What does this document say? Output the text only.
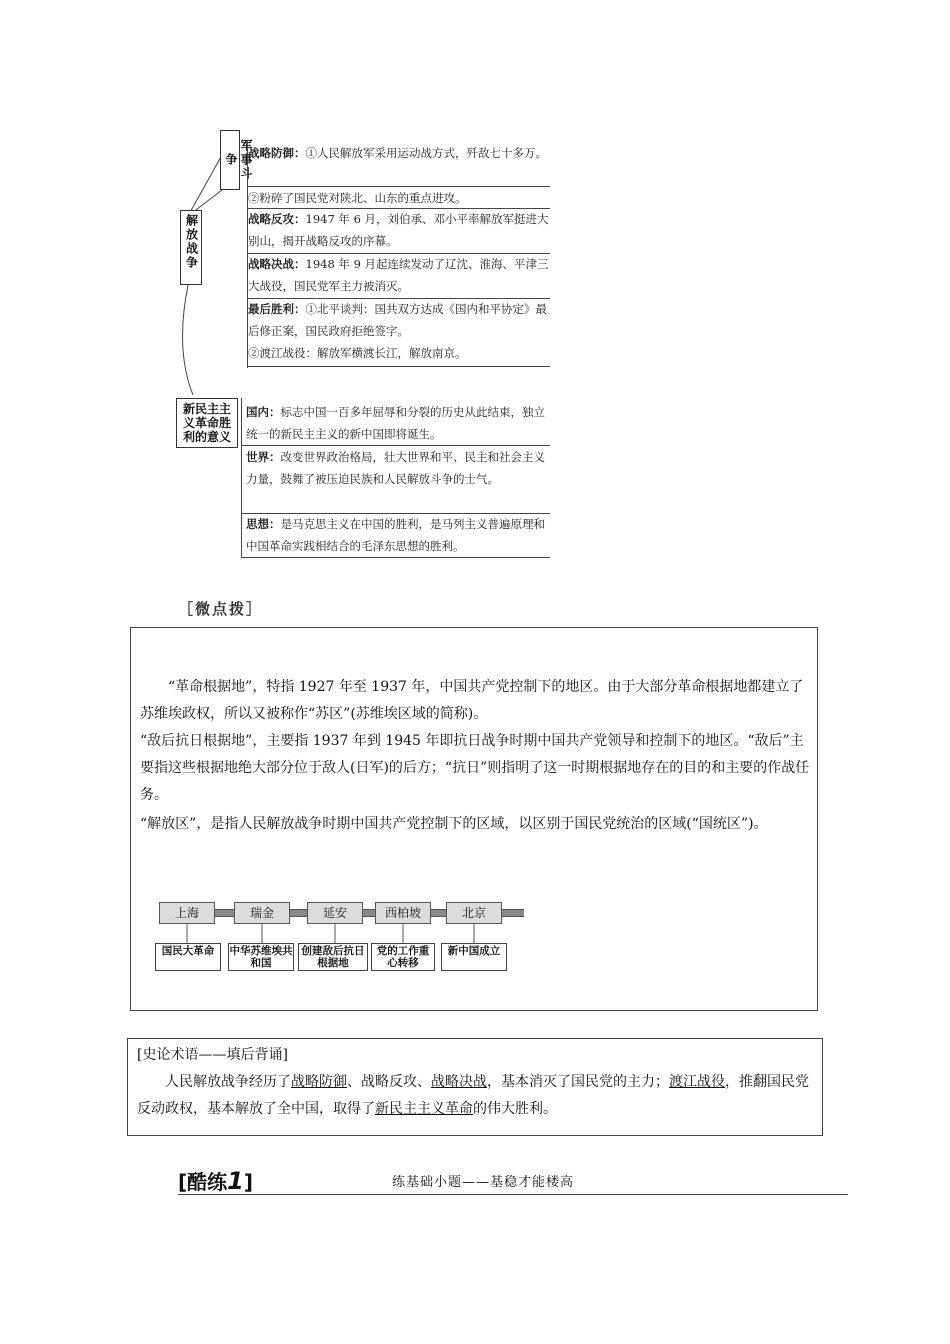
军事斗争
解放战争
新民主主义革命胜利的意义
战略防御：①人民解放军采用运动战方式，歼敌七十多万。
②粉碎了国民党对陕北、山东的重点进攻。
战略反攻：1947 年 6 月，刘伯承、邓小平率解放军挺进大别山，揭开战略反攻的序幕。
战略决战：1948 年 9 月起连续发动了辽沈、淮海、平津三大战役，国民党军主力被消灭。
最后胜利：①北平谈判：国共双方达成《国内和平协定》最后修正案，国民政府拒绝签字。
②渡江战役：解放军横渡长江，解放南京。
国内：标志中国一百多年屈辱和分裂的历史从此结束，独立统一的新民主主义的新中国即将诞生。
世界：改变世界政治格局，壮大世界和平、民主和社会主义力量，鼓舞了被压迫民族和人民解放斗争的士气。
思想：是马克思主义在中国的胜利，是马列主义普遍原理和中国革命实践相结合的毛泽东思想的胜利。
［微点拨］
“革命根据地”，特指 1927 年至 1937 年，中国共产党控制下的地区。由于大部分革命根据地都建立了苏维埃政权，所以又被称作“苏区”(苏维埃区域的简称)。
“敌后抗日根据地”，主要指 1937 年到 1945 年即抗日战争时期中国共产党领导和控制下的地区。“敌后”主要指这些根据地绝大部分位于敌人(日军)的后方；“抗日”则指明了这一时期根据地存在的目的和主要的作战任务。
“解放区”，是指人民解放战争时期中国共产党控制下的区域，以区别于国民党统治的区域(“国统区”)。
上海	瑞金	延安	西柏坡	北京
国民大革命	中华苏维埃共和国
创建敌后抗日根据地
党的工作重心转移
新中国成立
[史论术语——填后背诵]
人民解放战争经历了战略防御、战略反攻、战略决战，基本消灭了国民党的主力；渡江战役，推翻国民党反动政权，基本解放了全中国，取得了新民主主义革命的伟大胜利。
[酷练1]	练基础小题——基稳才能楼高
